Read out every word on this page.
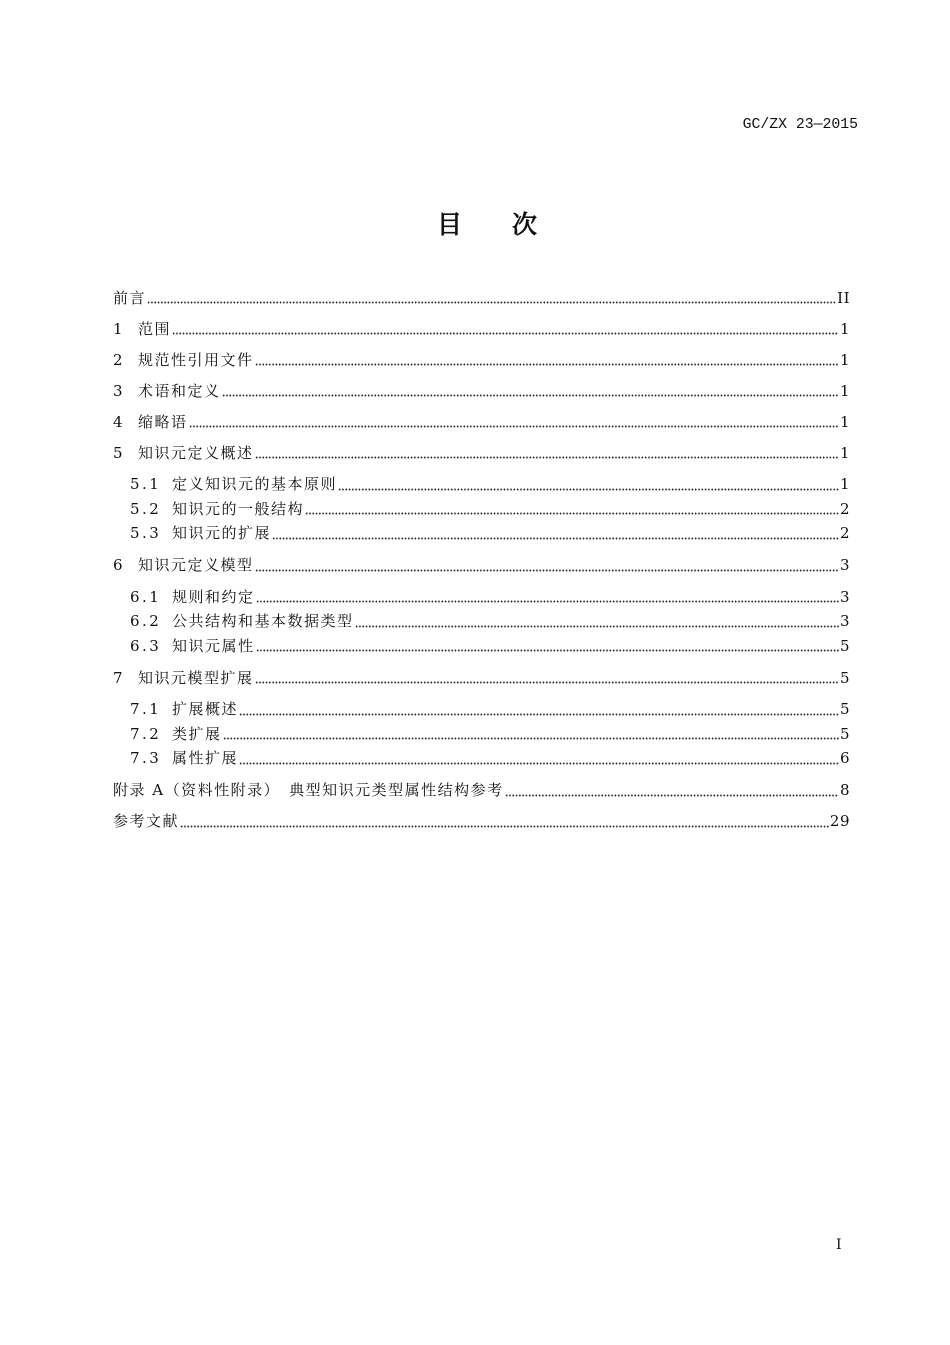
GC/ZX 23—2015
目　　次
前言	II
1 范围	1
2 规范性引用文件	1
3 术语和定义	1
4 缩略语	1
5 知识元定义概述	1
5.1 定义知识元的基本原则	1
5.2 知识元的一般结构	2
5.3 知识元的扩展	2
6 知识元定义模型	3
6.1 规则和约定	3
6.2 公共结构和基本数据类型	3
6.3 知识元属性	5
7 知识元模型扩展	5
7.1 扩展概述	5
7.2 类扩展	5
7.3 属性扩展	6
附录 A（资料性附录）　典型知识元类型属性结构参考	8
参考文献	29
I
